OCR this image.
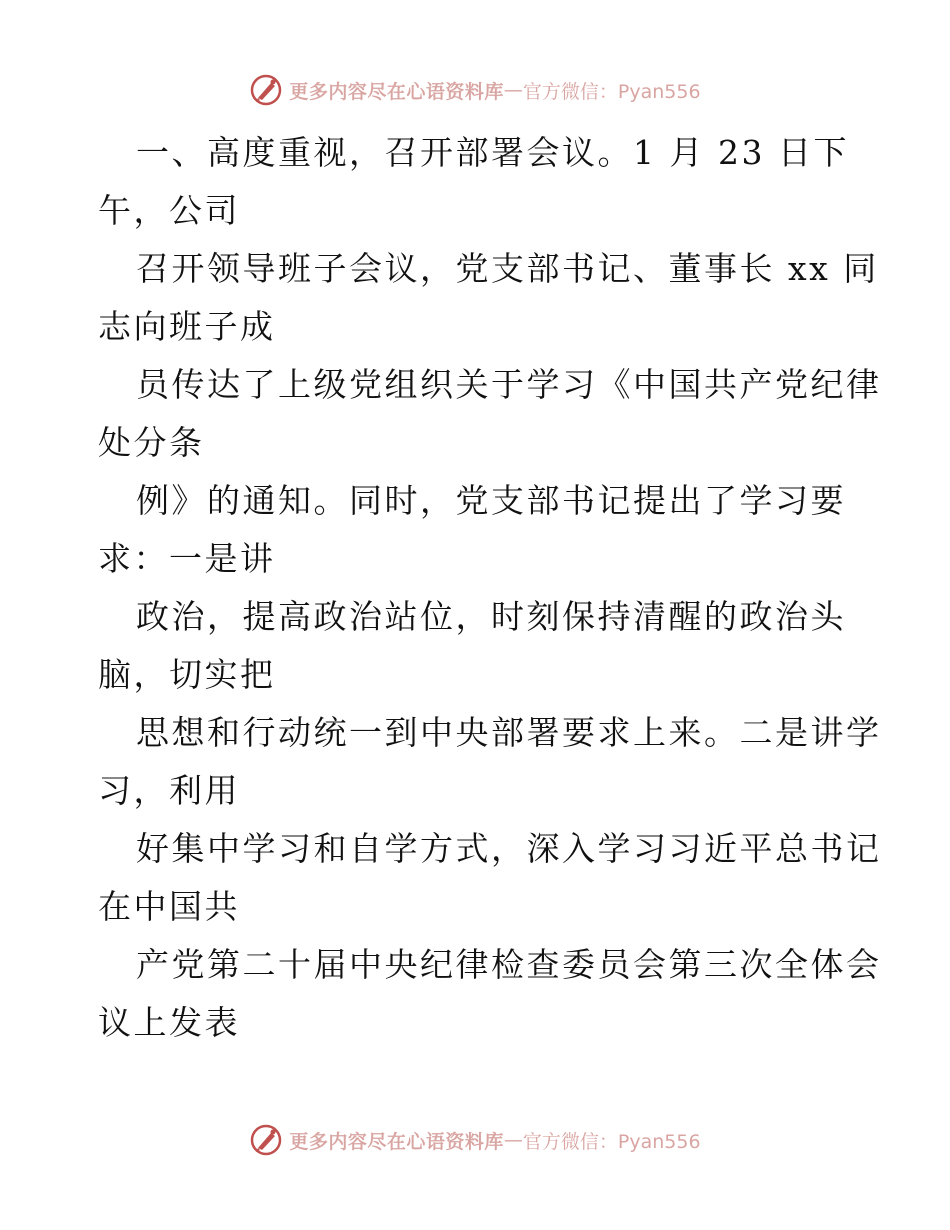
更多内容尽在心语资料库 — 官方微信：Pyan556

一、高度重视，召开部署会议。1 月 23 日下
午，公司

召开领导班子会议，党支部书记、董事长 xx 同
志向班子成

员传达了上级党组织关于学习《中国共产党纪律
处分条

例》的通知。同时，党支部书记提出了学习要
求：一是讲

政治，提高政治站位，时刻保持清醒的政治头
脑，切实把

思想和行动统一到中央部署要求上来。二是讲学
习，利用

好集中学习和自学方式，深入学习习近平总书记
在中国共

产党第二十届中央纪律检查委员会第三次全体会
议上发表

更多内容尽在心语资料库 — 官方微信：Pyan556
